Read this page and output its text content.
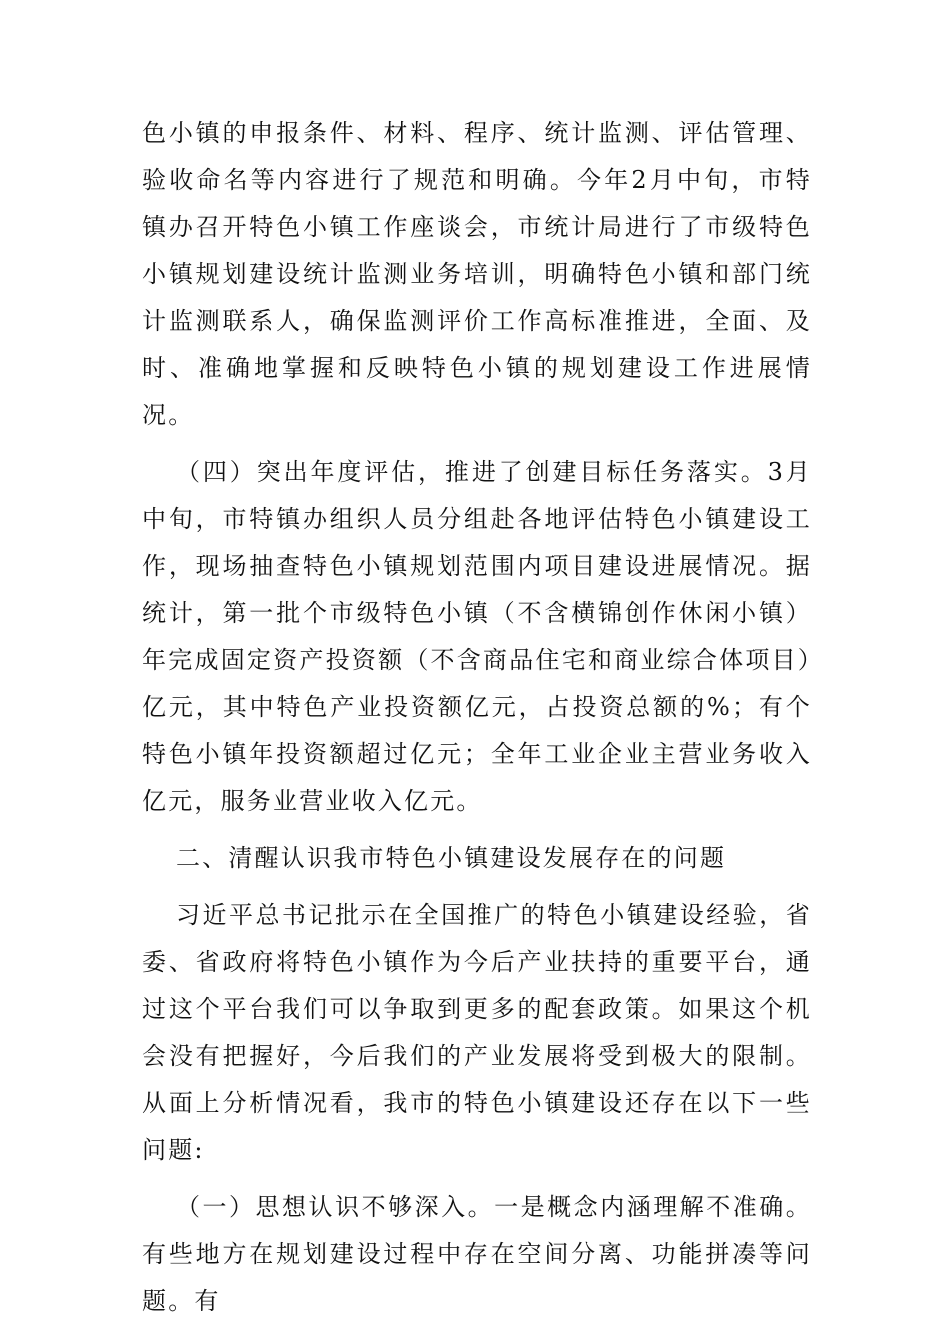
色小镇的申报条件、材料、程序、统计监测、评估管理、验收命名等内容进行了规范和明确。今年2月中旬，市特镇办召开特色小镇工作座谈会，市统计局进行了市级特色小镇规划建设统计监测业务培训，明确特色小镇和部门统计监测联系人，确保监测评价工作高标准推进，全面、及时、准确地掌握和反映特色小镇的规划建设工作进展情况。

（四）突出年度评估，推进了创建目标任务落实。3月中旬，市特镇办组织人员分组赴各地评估特色小镇建设工作，现场抽查特色小镇规划范围内项目建设进展情况。据统计，第一批个市级特色小镇（不含横锦创作休闲小镇）年完成固定资产投资额（不含商品住宅和商业综合体项目）亿元，其中特色产业投资额亿元，占投资总额的%；有个特色小镇年投资额超过亿元；全年工业企业主营业务收入亿元，服务业营业收入亿元。

二、清醒认识我市特色小镇建设发展存在的问题

习近平总书记批示在全国推广的特色小镇建设经验，省委、省政府将特色小镇作为今后产业扶持的重要平台，通过这个平台我们可以争取到更多的配套政策。如果这个机会没有把握好，今后我们的产业发展将受到极大的限制。从面上分析情况看，我市的特色小镇建设还存在以下一些问题:

（一）思想认识不够深入。一是概念内涵理解不准确。有些地方在规划建设过程中存在空间分离、功能拼凑等问题。有
